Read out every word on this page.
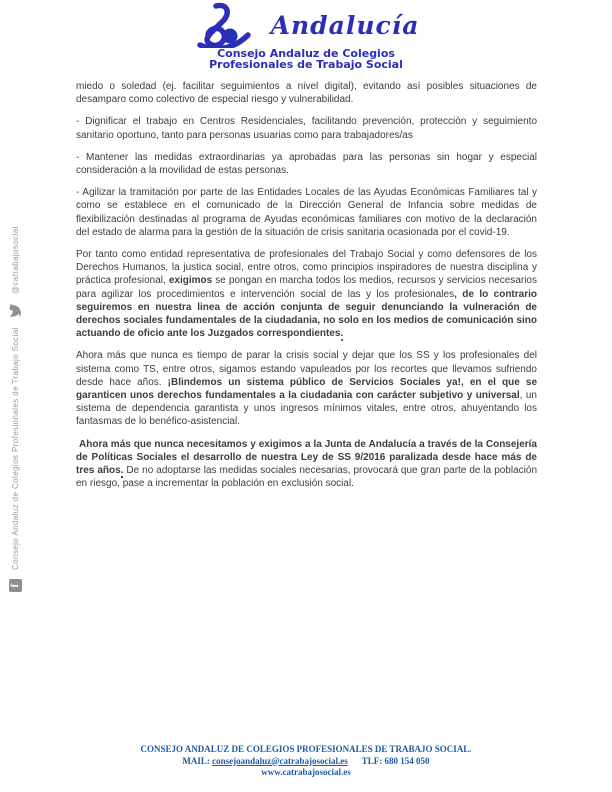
f
Consejo Andaluz de Colegios Profesionales de Trabajo Social
@catrabajosocial
Andalucía
Consejo Andaluz de Colegios
Profesionales de Trabajo Social

miedo o soledad (ej. facilitar seguimientos a nivel digital), evitando así posibles situaciones de desamparo como colectivo de especial riesgo y vulnerabilidad.

- Dignificar el trabajo en Centros Residenciales, facilitando prevención, protección y seguimiento sanitario oportuno, tanto para personas usuarias como para trabajadores/as

- Mantener las medidas extraordinarias ya aprobadas para las personas sin hogar y especial consideración a la movilidad de estas personas.

- Agilizar la tramitación por parte de las Entidades Locales de las Ayudas Económicas Familiares tal y como se establece en el comunicado de la Dirección General de Infancia sobre medidas de flexibilización destinadas al programa de Ayudas económicas familiares con motivo de la declaración del estado de alarma para la gestión de la situación de crisis sanitaria ocasionada por el covid-19.

Por tanto como entidad representativa de profesionales del Trabajo Social y como defensores de los Derechos Humanos, la justica social, entre otros, como principios inspiradores de nuestra disciplina y práctica profesional, exigimos se pongan en marcha todos los medios, recursos y servicios necesarios para agilizar los procedimientos e intervención social de las y los profesionales, de lo contrario seguiremos en nuestra linea de acción conjunta de seguir denunciando la vulneración de derechos sociales fundamentales de la ciudadania, no solo en los medios de comunicación sino actuando de oficio ante los Juzgados correspondientes.

Ahora más que nunca es tiempo de parar la crisis social y dejar que los SS y los profesionales del sistema como TS, entre otros, sigamos estando vapuleados por los recortes que llevamos sufriendo desde hace años. ¡Blindemos un sistema público de Servicios Sociales ya!, en el que se garanticen unos derechos fundamentales a la ciudadania con carácter subjetivo y universal, un sistema de dependencia garantista y unos ingresos mínimos vitales, entre otros, ahuyentando los fantasmas de lo benéfico-asistencial.

Ahora más que nunca necesitamos y exigimos a la Junta de Andalucía a través de la Consejería de Políticas Sociales el desarrollo de nuestra Ley de SS 9/2016 paralizada desde hace más de tres años. De no adoptarse las medidas sociales necesarias, provocará que gran parte de la población en riesgo, pase a incrementar la población en exclusión social.

CONSEJO ANDALUZ DE COLEGIOS PROFESIONALES DE TRABAJO SOCIAL.
MAIL: consejoandaluz@catrabajosocial.es TLF: 680 154 050
www.catrabajosocial.es
